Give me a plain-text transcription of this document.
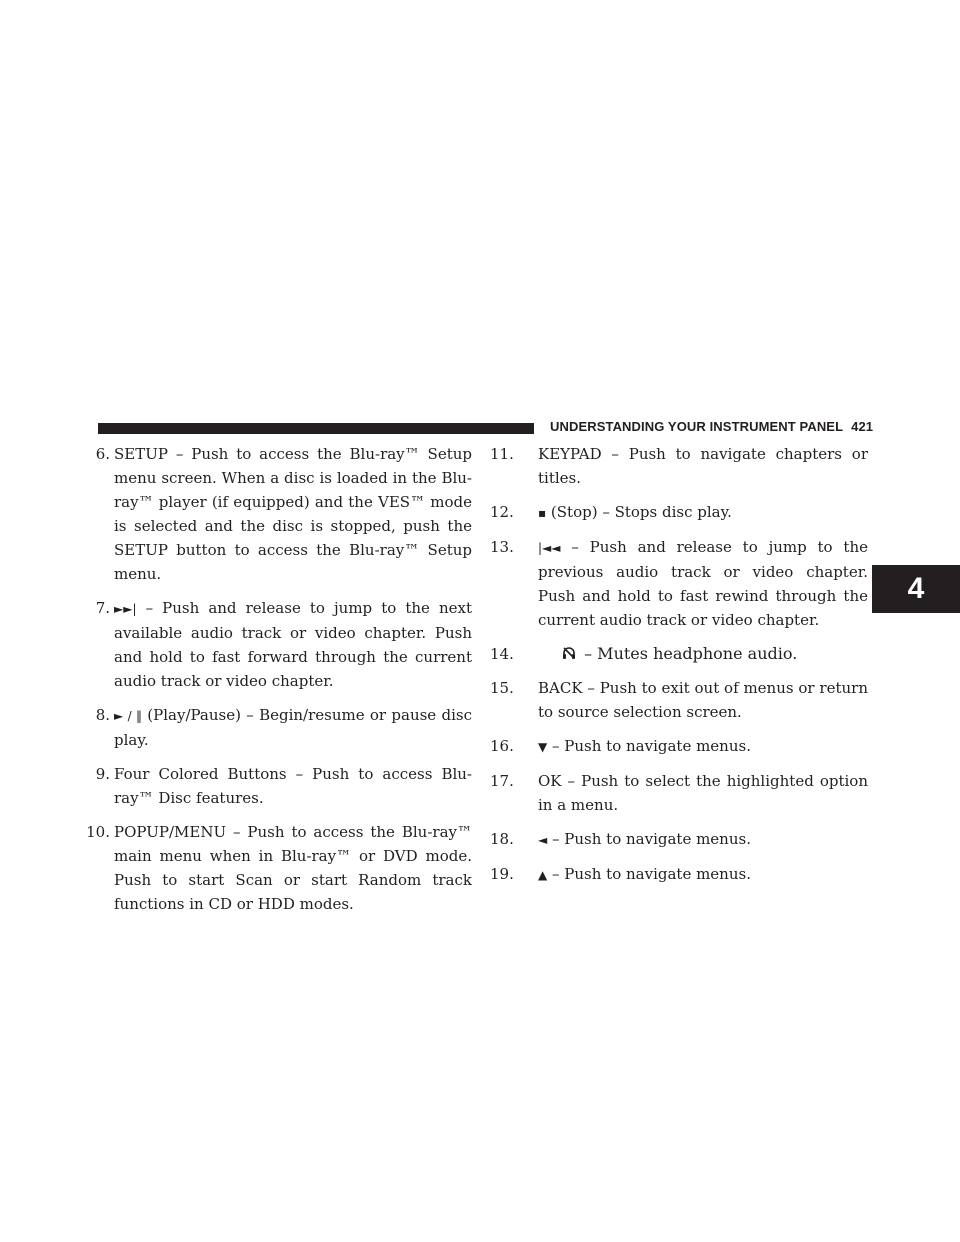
UNDERSTANDING YOUR INSTRUMENT PANEL 421
4
6. SETUP – Push to access the Blu-ray™ Setup menu screen. When a disc is loaded in the Blu-ray™ player (if equipped) and the VES™ mode is selected and the disc is stopped, push the SETUP button to access the Blu-ray™ Setup menu.
7. ►►| – Push and release to jump to the next available audio track or video chapter. Push and hold to fast forward through the current audio track or video chapter.
8. ► / ‖ (Play/Pause) – Begin/resume or pause disc play.
9. Four Colored Buttons – Push to access Blu-ray™ Disc features.
10. POPUP/MENU – Push to access the Blu-ray™ main menu when in Blu-ray™ or DVD mode. Push to start Scan or start Random track functions in CD or HDD modes.
11.	KEYPAD – Push to navigate chapters or titles.
12.	▪ (Stop) – Stops disc play.
13.	|◄◄ – Push and release to jump to the previous audio track or video chapter. Push and hold to fast rewind through the current audio track or video chapter.
14.	– Mutes headphone audio.
15.	BACK – Push to exit out of menus or return to source selection screen.
16.	▼ – Push to navigate menus.
17.	OK – Push to select the highlighted option in a menu.
18.	◄ – Push to navigate menus.
19.	▲ – Push to navigate menus.
